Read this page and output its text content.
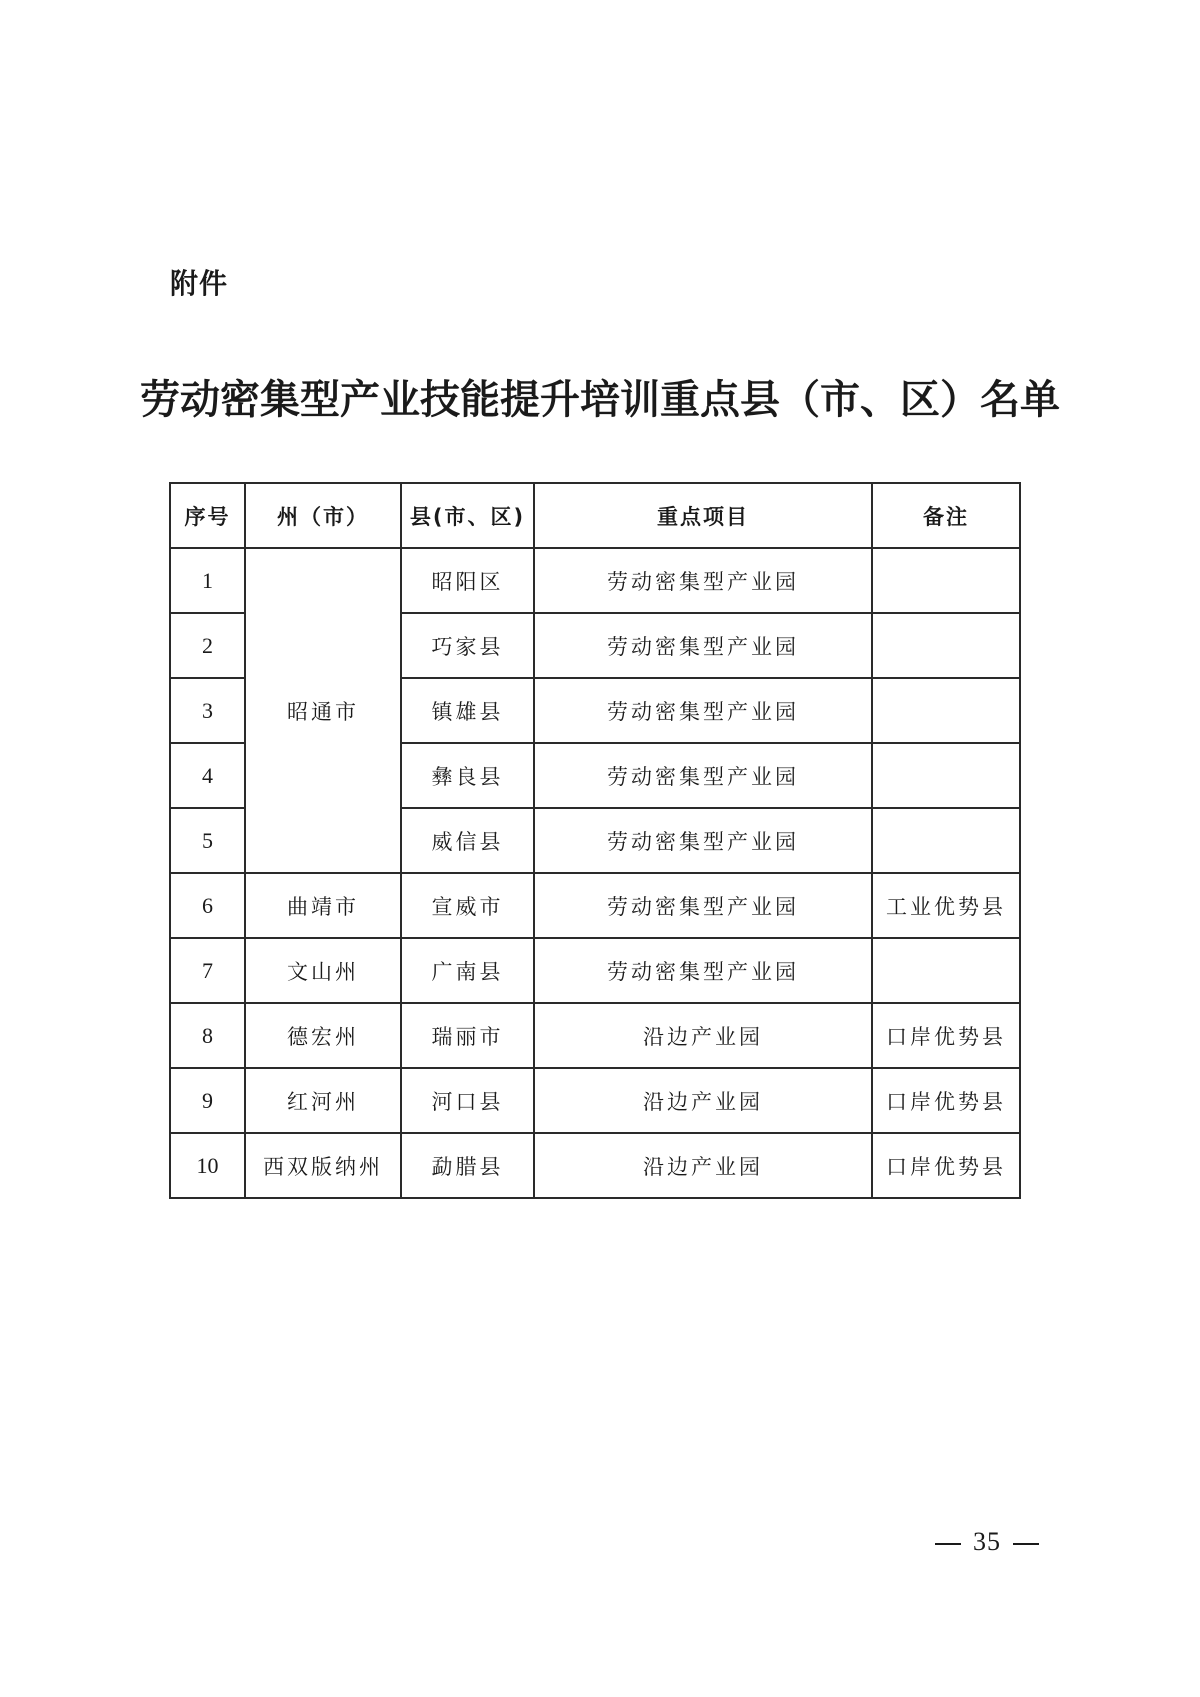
附件
劳动密集型产业技能提升培训重点县（市、区）名单
序号	州（市）	县(市、区)	重点项目	备注
1	昭通市	昭阳区	劳动密集型产业园	
2		巧家县	劳动密集型产业园	
3		镇雄县	劳动密集型产业园	
4		彝良县	劳动密集型产业园	
5		威信县	劳动密集型产业园	
6	曲靖市	宣威市	劳动密集型产业园	工业优势县
7	文山州	广南县	劳动密集型产业园	
8	德宏州	瑞丽市	沿边产业园	口岸优势县
9	红河州	河口县	沿边产业园	口岸优势县
10	西双版纳州	勐腊县	沿边产业园	口岸优势县
35
